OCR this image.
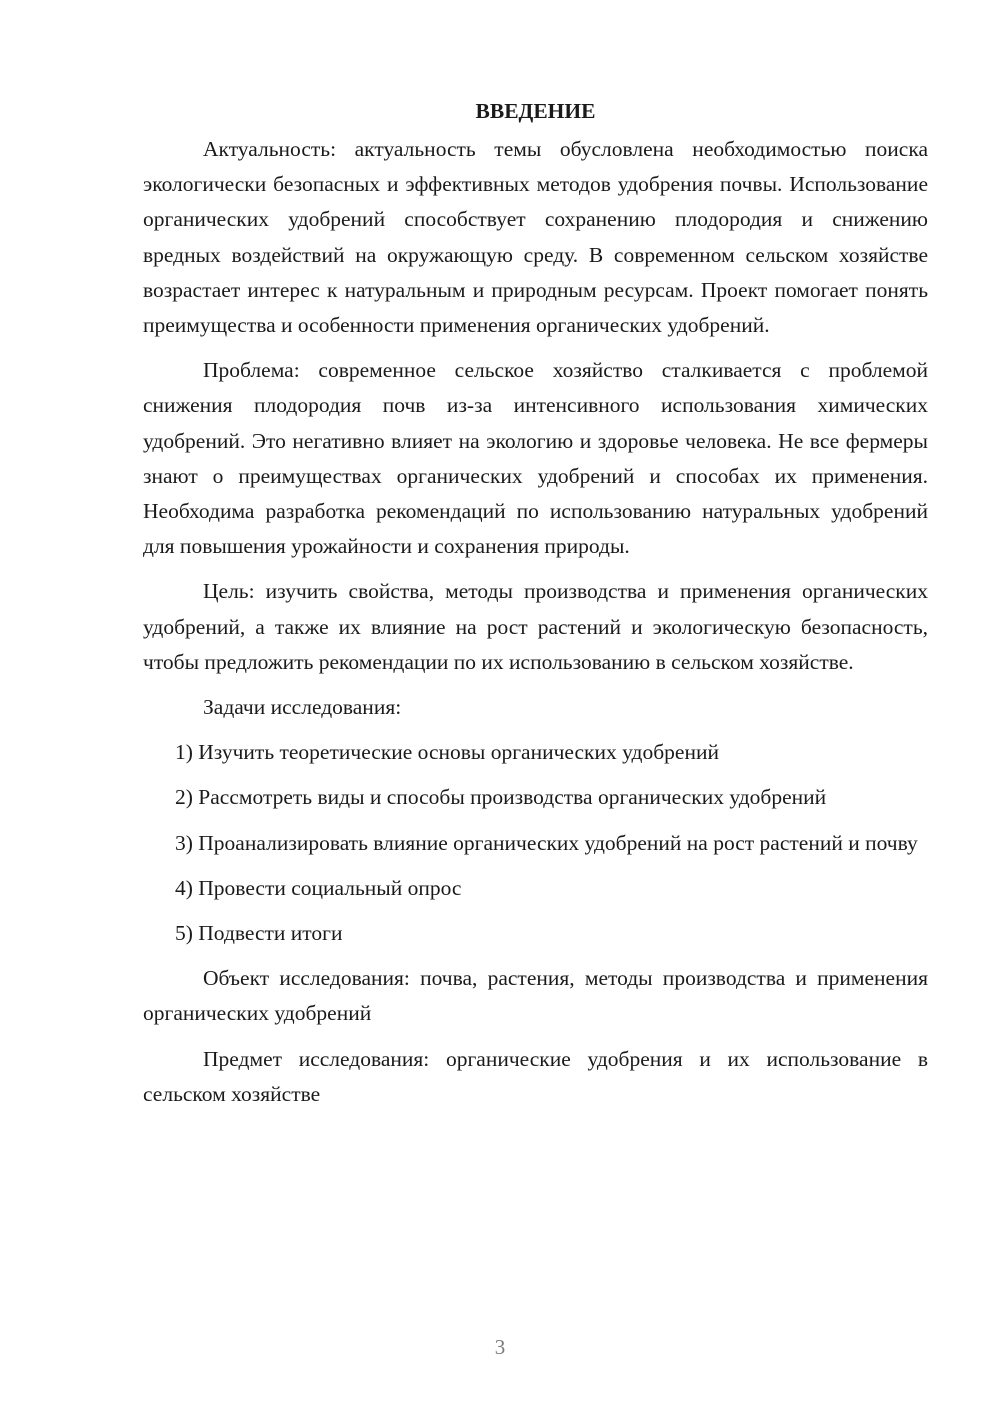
ВВЕДЕНИЕ

Актуальность: актуальность темы обусловлена необходимостью поиска экологически безопасных и эффективных методов удобрения почвы. Использование органических удобрений способствует сохранению плодородия и снижению вредных воздействий на окружающую среду. В современном сельском хозяйстве возрастает интерес к натуральным и природным ресурсам. Проект помогает понять преимущества и особенности применения органических удобрений.

Проблема: современное сельское хозяйство сталкивается с проблемой снижения плодородия почв из-за интенсивного использования химических удобрений. Это негативно влияет на экологию и здоровье человека. Не все фермеры знают о преимуществах органических удобрений и способах их применения. Необходима разработка рекомендаций по использованию натуральных удобрений для повышения урожайности и сохранения природы.

Цель: изучить свойства, методы производства и применения органических удобрений, а также их влияние на рост растений и экологическую безопасность, чтобы предложить рекомендации по их использованию в сельском хозяйстве.

Задачи исследования:

1) Изучить теоретические основы органических удобрений

2) Рассмотреть виды и способы производства органических удобрений

3) Проанализировать влияние органических удобрений на рост растений и почву

4) Провести социальный опрос

5) Подвести итоги

Объект исследования: почва, растения, методы производства и применения органических удобрений

Предмет исследования: органические удобрения и их использование в сельском хозяйстве

3
